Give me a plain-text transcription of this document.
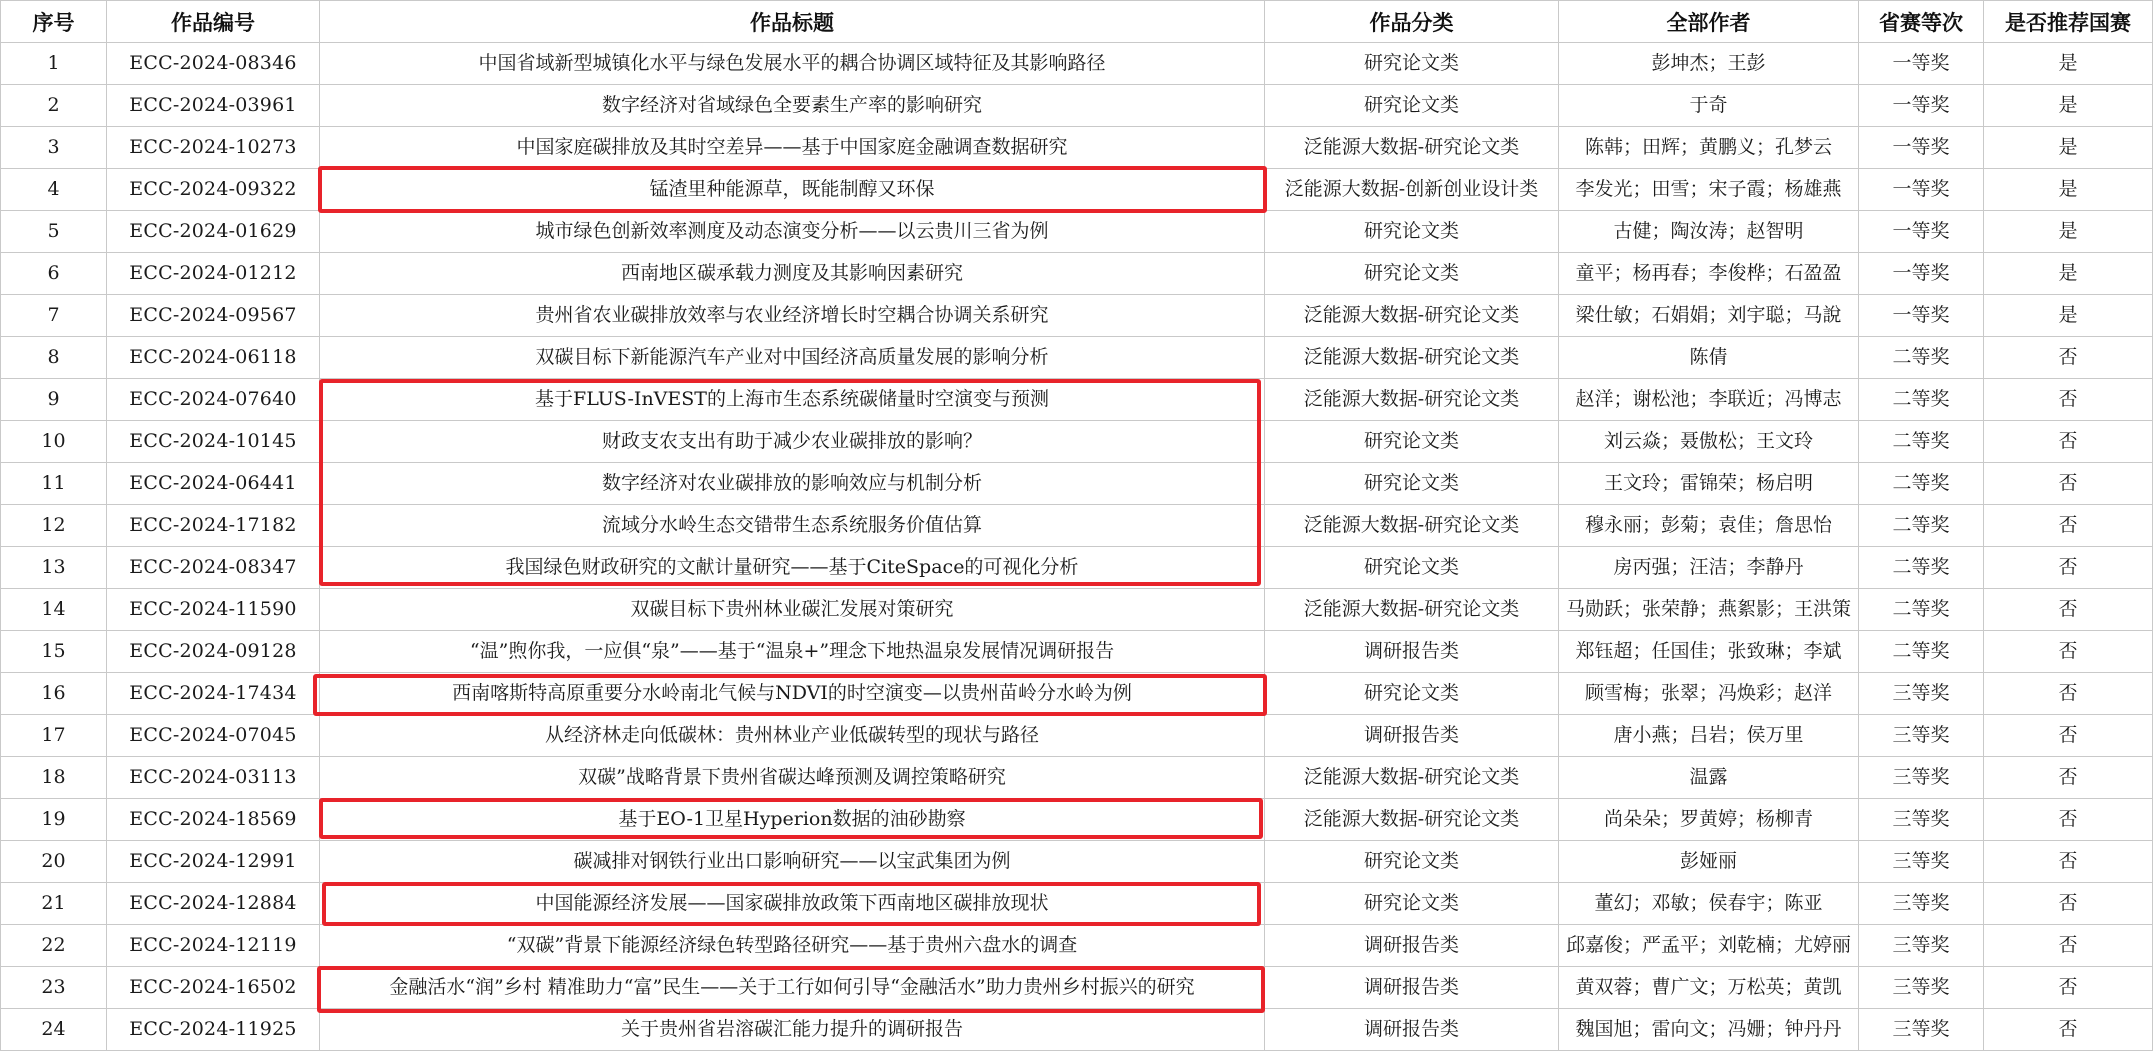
序号	作品编号	作品标题	作品分类	全部作者	省赛等次	是否推荐国赛
1	ECC-2024-08346	中国省域新型城镇化水平与绿色发展水平的耦合协调区域特征及其影响路径	研究论文类	彭坤杰；王彭	一等奖	是
2	ECC-2024-03961	数字经济对省域绿色全要素生产率的影响研究	研究论文类	于奇	一等奖	是
3	ECC-2024-10273	中国家庭碳排放及其时空差异——基于中国家庭金融调查数据研究	泛能源大数据-研究论文类	陈韩；田辉；黄鹏义；孔梦云	一等奖	是
4	ECC-2024-09322	锰渣里种能源草，既能制醇又环保	泛能源大数据-创新创业设计类	李发光；田雪；宋子霞；杨雄燕	一等奖	是
5	ECC-2024-01629	城市绿色创新效率测度及动态演变分析——以云贵川三省为例	研究论文类	古健；陶汝涛；赵智明	一等奖	是
6	ECC-2024-01212	西南地区碳承载力测度及其影响因素研究	研究论文类	童平；杨再春；李俊桦；石盈盈	一等奖	是
7	ECC-2024-09567	贵州省农业碳排放效率与农业经济增长时空耦合协调关系研究	泛能源大数据-研究论文类	梁仕敏；石娟娟；刘宇聪；马說	一等奖	是
8	ECC-2024-06118	双碳目标下新能源汽车产业对中国经济高质量发展的影响分析	泛能源大数据-研究论文类	陈倩	二等奖	否
9	ECC-2024-07640	基于FLUS-InVEST的上海市生态系统碳储量时空演变与预测	泛能源大数据-研究论文类	赵洋；谢松池；李联近；冯博志	二等奖	否
10	ECC-2024-10145	财政支农支出有助于减少农业碳排放的影响？	研究论文类	刘云焱；聂傲松；王文玲	二等奖	否
11	ECC-2024-06441	数字经济对农业碳排放的影响效应与机制分析	研究论文类	王文玲；雷锦荣；杨启明	二等奖	否
12	ECC-2024-17182	流域分水岭生态交错带生态系统服务价值估算	泛能源大数据-研究论文类	穆永丽；彭菊；袁佳；詹思怡	二等奖	否
13	ECC-2024-08347	我国绿色财政研究的文献计量研究——基于CiteSpace的可视化分析	研究论文类	房丙强；汪洁；李静丹	二等奖	否
14	ECC-2024-11590	双碳目标下贵州林业碳汇发展对策研究	泛能源大数据-研究论文类	马勋跃；张荣静；燕絮影；王洪策	二等奖	否
15	ECC-2024-09128	“温”煦你我，一应俱“泉”——基于“温泉+”理念下地热温泉发展情况调研报告	调研报告类	郑钰超；任国佳；张致琳；李斌	二等奖	否
16	ECC-2024-17434	西南喀斯特高原重要分水岭南北气候与NDVI的时空演变—以贵州苗岭分水岭为例	研究论文类	顾雪梅；张翠；冯焕彩；赵洋	三等奖	否
17	ECC-2024-07045	从经济林走向低碳林：贵州林业产业低碳转型的现状与路径	调研报告类	唐小燕；吕岩；侯万里	三等奖	否
18	ECC-2024-03113	双碳”战略背景下贵州省碳达峰预测及调控策略研究	泛能源大数据-研究论文类	温露	三等奖	否
19	ECC-2024-18569	基于EO-1卫星Hyperion数据的油砂勘察	泛能源大数据-研究论文类	尚朵朵；罗黄婷；杨柳青	三等奖	否
20	ECC-2024-12991	碳减排对钢铁行业出口影响研究——以宝武集团为例	研究论文类	彭娅丽	三等奖	否
21	ECC-2024-12884	中国能源经济发展——国家碳排放政策下西南地区碳排放现状	研究论文类	董幻；邓敏；侯春宇；陈亚	三等奖	否
22	ECC-2024-12119	“双碳”背景下能源经济绿色转型路径研究——基于贵州六盘水的调查	调研报告类	邱嘉俊；严孟平；刘乾楠；尤婷丽	三等奖	否
23	ECC-2024-16502	金融活水“润”乡村 精准助力“富”民生——关于工行如何引导“金融活水”助力贵州乡村振兴的研究	调研报告类	黄双蓉；曹广文；万松英；黄凯	三等奖	否
24	ECC-2024-11925	关于贵州省岩溶碳汇能力提升的调研报告	调研报告类	魏国旭；雷向文；冯姗；钟丹丹	三等奖	否
